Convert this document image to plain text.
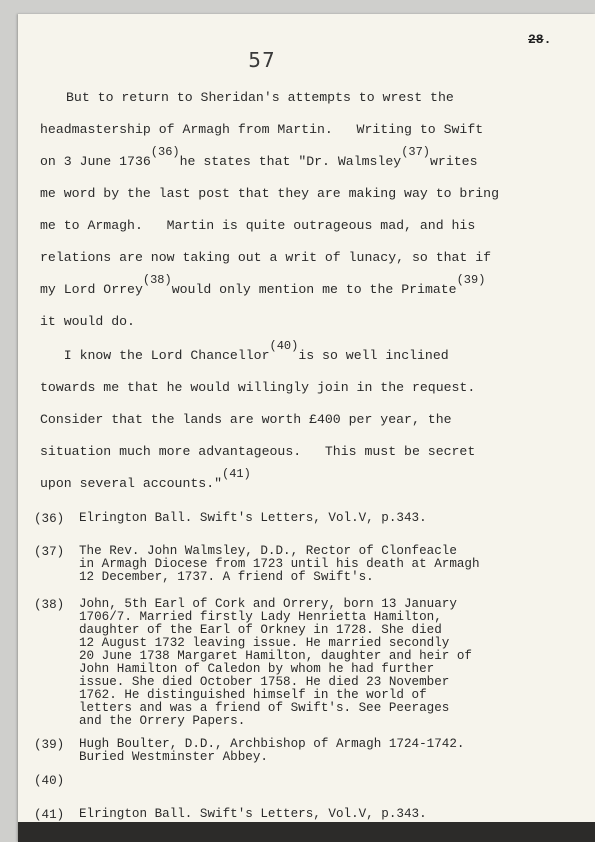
57
28.
But to return to Sheridan's attempts to wrest the
headmastership of Armagh from Martin.   Writing to Swift
on 3 June 1736(36)he states that "Dr. Walmsley(37)writes
me word by the last post that they are making way to bring
me to Armagh.   Martin is quite outrageous mad, and his
relations are now taking out a writ of lunacy, so that if
my Lord Orrey(38)would only mention me to the Primate(39)
it would do.
I know the Lord Chancellor(40)is so well inclined
towards me that he would willingly join in the request.
Consider that the lands are worth £400 per year, the
situation much more advantageous.   This must be secret
upon several accounts."(41)
(36) Elrington Ball. Swift's Letters, Vol.V, p.343.
(37) The Rev. John Walmsley, D.D., Rector of Clonfeacle
in Armagh Diocese from 1723 until his death at Armagh
12 December, 1737. A friend of Swift's.
(38) John, 5th Earl of Cork and Orrery, born 13 January
1706/7. Married firstly Lady Henrietta Hamilton,
daughter of the Earl of Orkney in 1728. She died
12 August 1732 leaving issue. He married secondly
20 June 1738 Margaret Hamilton, daughter and heir of
John Hamilton of Caledon by whom he had further
issue. She died October 1758. He died 23 November
1762. He distinguished himself in the world of
letters and was a friend of Swift's. See Peerages
and the Orrery Papers.
(39) Hugh Boulter, D.D., Archbishop of Armagh 1724-1742.
Buried Westminster Abbey.
(40)
(41) Elrington Ball. Swift's Letters, Vol.V, p.343.
